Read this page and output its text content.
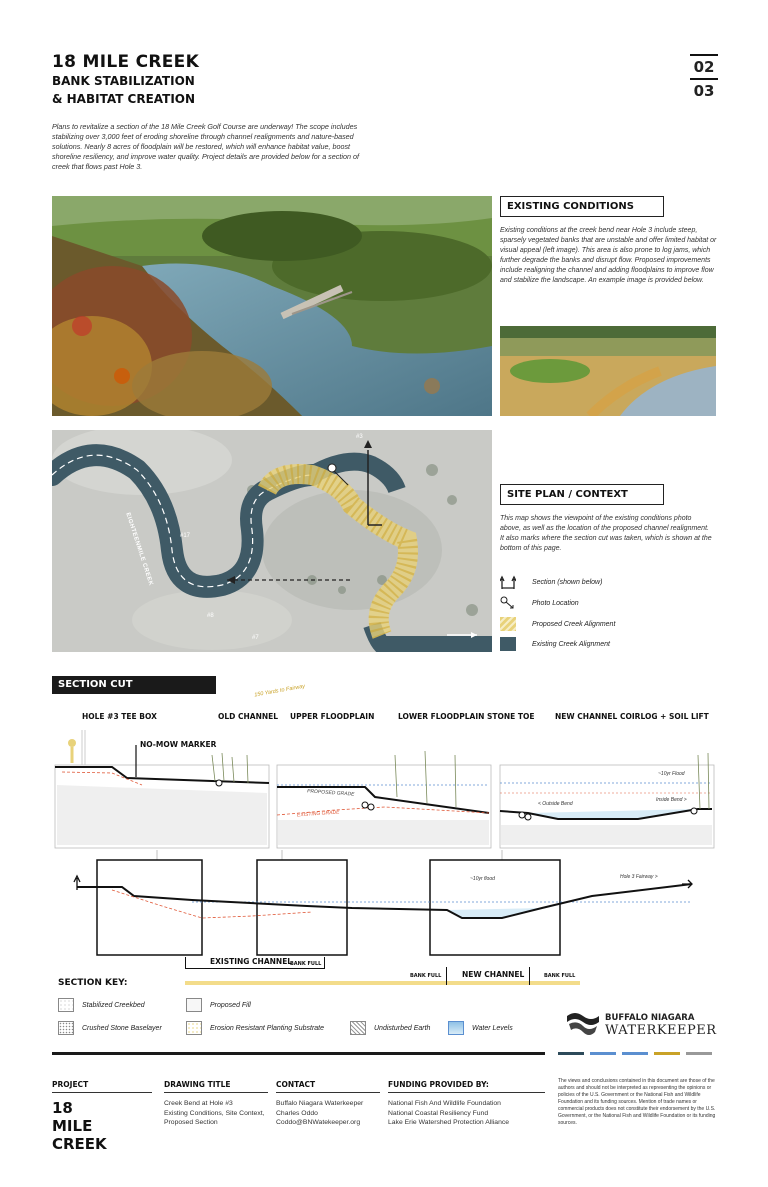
18 MILE CREEK
BANK STABILIZATION
& HABITAT CREATION
02
03
Plans to revitalize a section of the 18 Mile Creek Golf Course are underway! The scope includes stabilizing over 3,000 feet of eroding shoreline through channel realignments and nature-based solutions. Nearly 8 acres of floodplain will be restored, which will enhance habitat value, boost shoreline resiliency, and improve water quality. Project details are provided below for a section of creek that flows past Hole 3.
EXISTING CONDITIONS
Existing conditions at the creek bend near Hole 3 include steep, sparsely vegetated banks that are unstable and offer limited habitat or visual appeal (left image). This area is also prone to log jams, which further degrade the banks and disrupt flow. Proposed improvements include realigning the channel and adding floodplains to improve flow and stabilize the landscape. An example image is provided below.
EIGHTEENMILE CREEK	#17
#8
#7
#3
SITE PLAN / CONTEXT
This map shows the viewpoint of the existing conditions photo above, as well as the location of the proposed channel realignment. It also marks where the section cut was taken, which is shown at the bottom of this page.
Section (shown below)
Photo Location
Proposed Creek Alignment
Existing Creek Alignment
SECTION CUT	150 Yards to Fairway
HOLE #3 TEE BOX
NO-MOW MARKER
OLD CHANNEL UPPER FLOODPLAIN	LOWER FLOODPLAIN STONE TOE	NEW CHANNEL COIRLOG + SOIL LIFT
PROPOSED GRADE
EXISTING GRADE
< Outside Bend
Inside Bend >
~10yr Flood
~10yr flood	Hole 3 Fairway >
EXISTING CHANNEL
BANK FULL
BANK FULL	NEW CHANNEL	BANK FULL
SECTION KEY:
Stabilized Creekbed	Proposed Fill
Crushed Stone Baselayer	Erosion Resistant Planting Substrate	Undisturbed Earth	Water Levels
BUFFALO NIAGARA
WATERKEEPER
PROJECT
18
MILE CREEK
DRAWING TITLE
Creek Bend at Hole #3
Existing Conditions, Site Context,
Proposed Section
CONTACT
Buffalo Niagara Waterkeeper
Charles Oddo
Coddo@BNWatekeeper.org
FUNDING PROVIDED BY:
National Fish And Wildlife Foundation
National Coastal Resiliency Fund
Lake Erie Watershed Protection Alliance
The views and conclusions contained in this document are those of the authors and should not be interpreted as representing the opinions or policies of the U.S. Government or the National Fish and Wildlife Foundation and its funding sources. Mention of trade names or commercial products does not constitute their endorsement by the U.S. Government, or the National Fish and Wildlife Foundation or its funding sources.
